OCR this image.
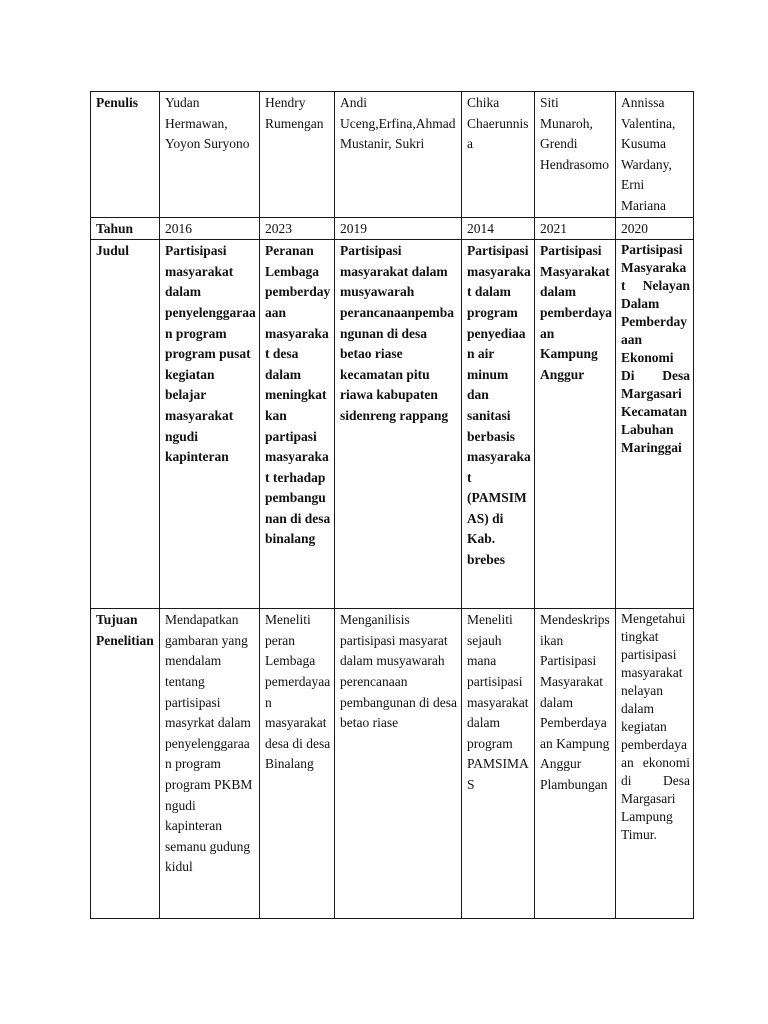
Penulis	Yudan Hermawan, Yoyon Suryono	Hendry Rumengan	Andi Uceng,Erfina,Ahmad Mustanir, Sukri	Chika Chaerunnisa	Siti Munaroh, Grendi Hendrasomo	Annissa Valentina, Kusuma Wardany, Erni Mariana
Tahun	2016	2023	2019	2014	2021	2020
Judul	Partisipasi masyarakat dalam penyelenggaraan program program pusat kegiatan belajar masyarakat ngudi kapinteran	Peranan Lembaga pemberdayaan masyarakat desa dalam meningkatkan partipasi masyarakat terhadap pembangunan di desa binalang	Partisipasi masyarakat dalam musyawarah perancanaanpembangunan di desa betao riase kecamatan pitu riawa kabupaten sidenreng rappang	Partisipasi masyarakat dalam program penyediaan air minum dan sanitasi berbasis masyarakat (PAMSIMAS) di Kab. brebes	Partisipasi Masyarakat dalam pemberdayaan Kampung Anggur	Partisipasi Masyarakat Nelayan Dalam Pemberdayaan Ekonomi Di Desa Margasari Kecamatan Labuhan Maringgai
Tujuan Penelitian	Mendapatkan gambaran yang mendalam tentang partisipasi masyrkat dalam penyelenggaraan program program PKBM ngudi kapinteran semanu gudung kidul	Meneliti peran Lembaga pemerdayaan masyarakat desa di desa Binalang	Menganilisis partisipasi masyarat dalam musyawarah perencanaan pembangunan di desa betao riase	Meneliti sejauh mana partisipasi masyarakat dalam program PAMSIMAS	Mendeskripsikan Partisipasi Masyarakat dalam Pemberdayaan Kampung Anggur Plambungan	Mengetahui tingkat partisipasi masyarakat nelayan dalam kegiatan pemberdayaan ekonomi di Desa Margasari Lampung Timur.
